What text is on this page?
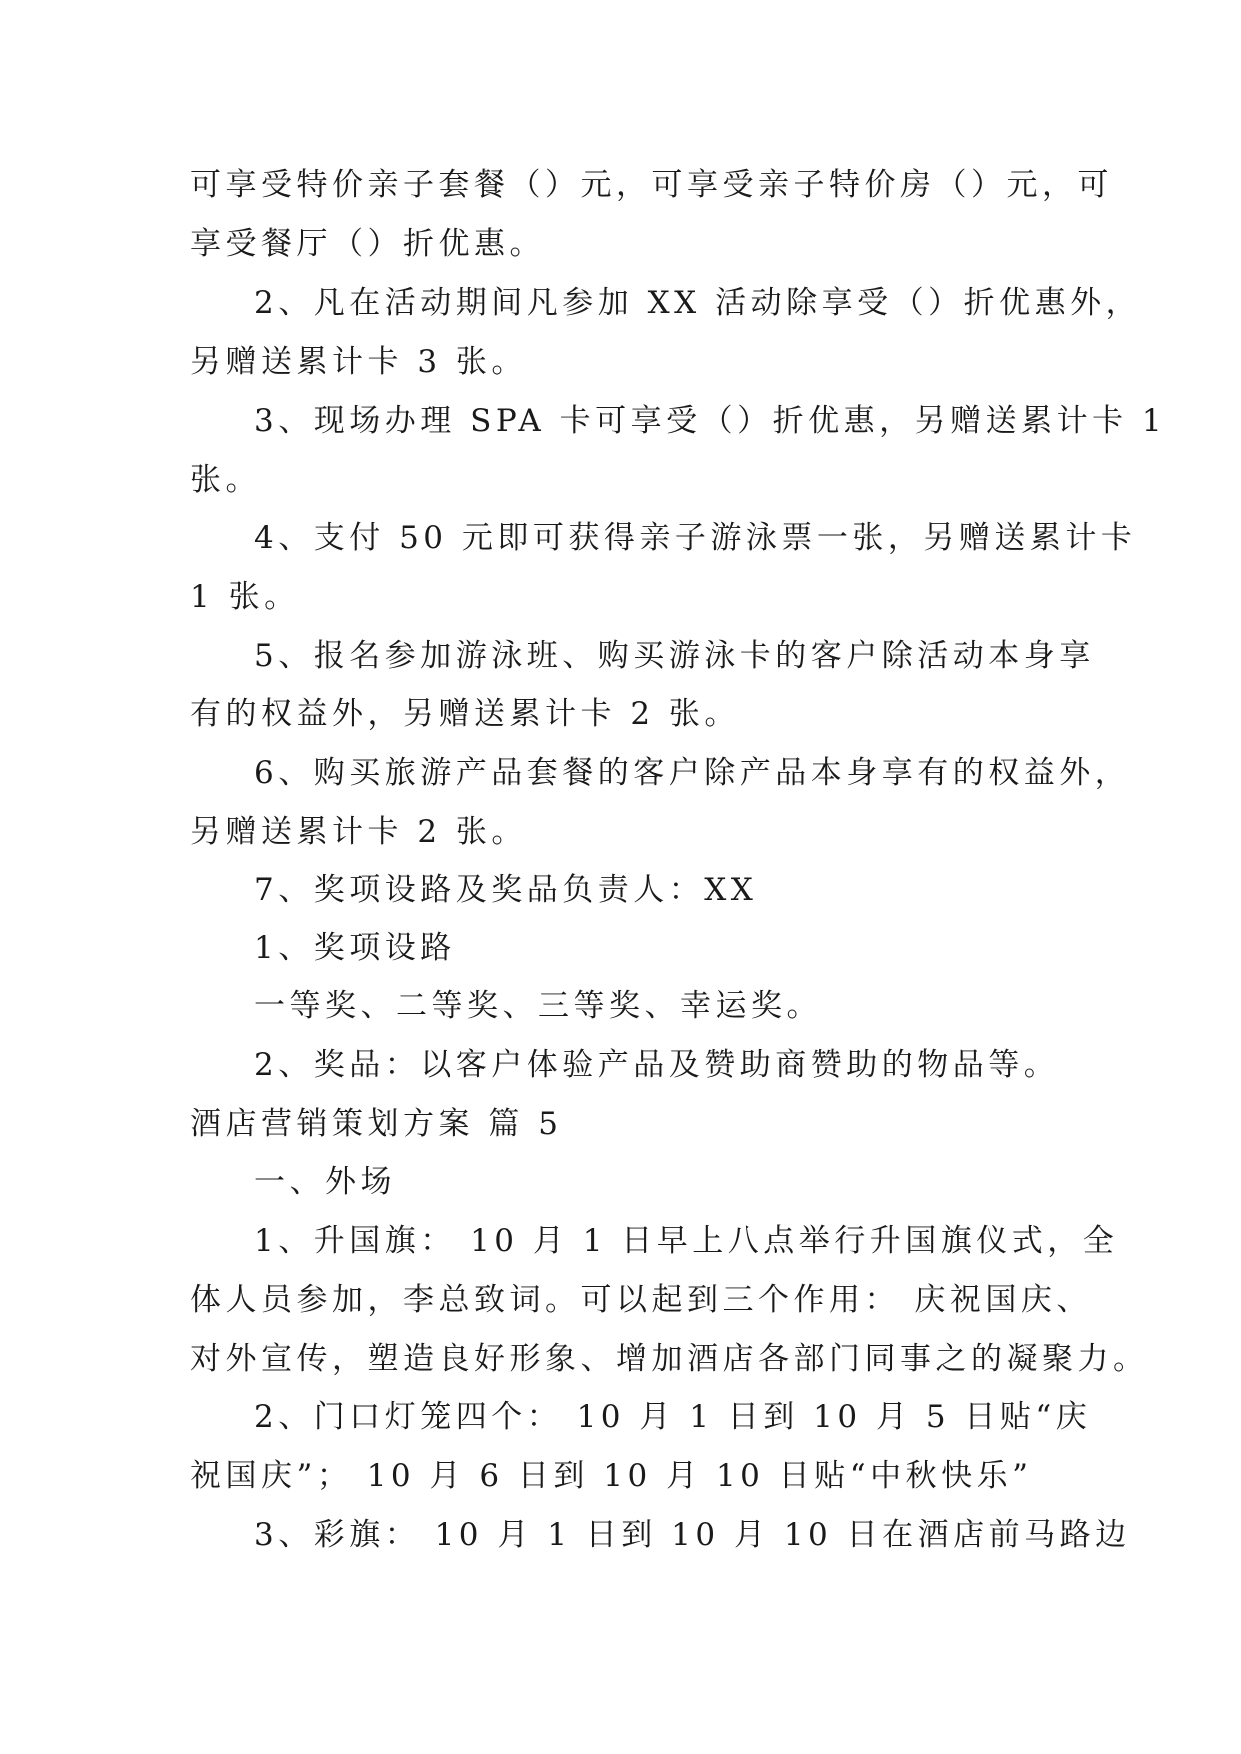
可享受特价亲子套餐（）元，可享受亲子特价房（）元，可
享受餐厅（）折优惠。
2、凡在活动期间凡参加 XX 活动除享受（）折优惠外，
另赠送累计卡 3 张。
3、现场办理 SPA 卡可享受（）折优惠，另赠送累计卡 1
张。
4、支付 50 元即可获得亲子游泳票一张，另赠送累计卡
1 张。
5、报名参加游泳班、购买游泳卡的客户除活动本身享
有的权益外，另赠送累计卡 2 张。
6、购买旅游产品套餐的客户除产品本身享有的权益外，
另赠送累计卡 2 张。
7、奖项设路及奖品负责人：XX
1、奖项设路
一等奖、二等奖、三等奖、幸运奖。
2、奖品：以客户体验产品及赞助商赞助的物品等。
酒店营销策划方案 篇 5
一、外场
1、升国旗： 10 月 1 日早上八点举行升国旗仪式，全
体人员参加，李总致词。可以起到三个作用： 庆祝国庆、
对外宣传，塑造良好形象、增加酒店各部门同事之的凝聚力。
2、门口灯笼四个： 10 月 1 日到 10 月 5 日贴“庆
祝国庆”； 10 月 6 日到 10 月 10 日贴“中秋快乐”
3、彩旗： 10 月 1 日到 10 月 10 日在酒店前马路边
